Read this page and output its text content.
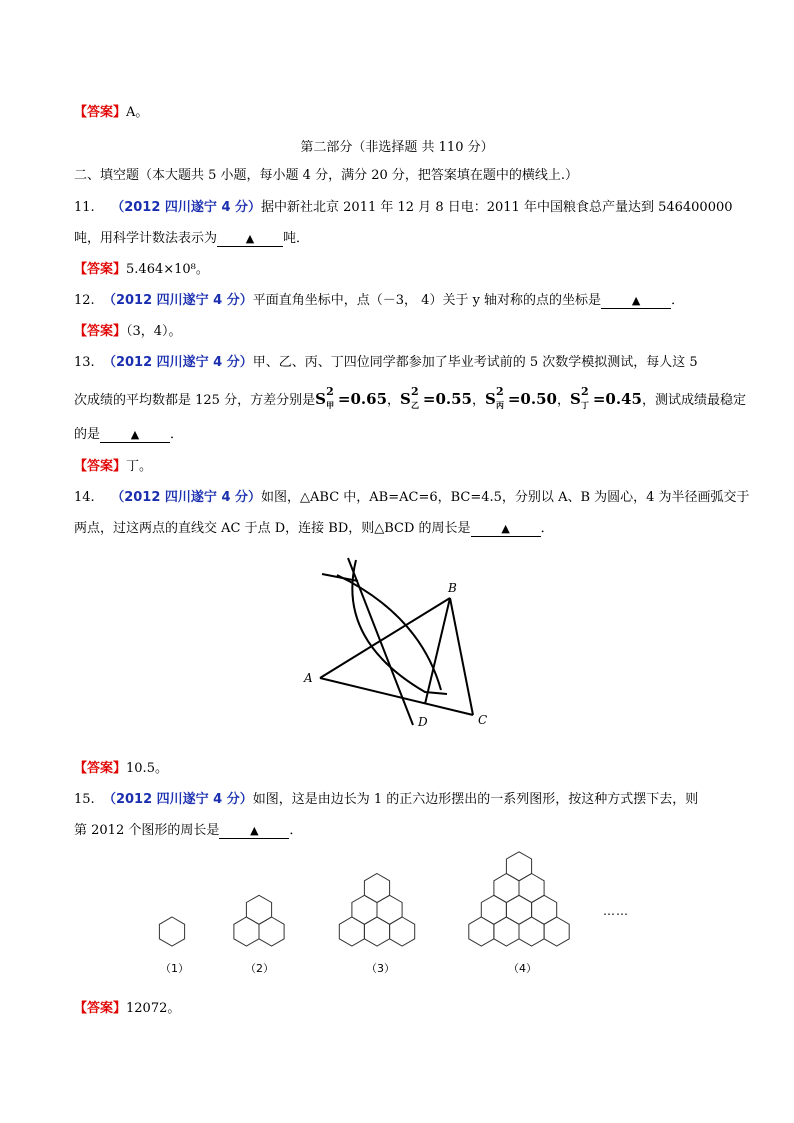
【答案】A。
第二部分（非选择题 共 110 分）
二、填空题（本大题共 5 小题，每小题 4 分，满分 20 分，把答案填在题中的横线上.）
11. （2012 四川遂宁 4 分）据中新社北京 2011 年 12 月 8 日电：2011 年中国粮食总产量达到 546400000
吨，用科学计数法表示为	▲ 吨．
【答案】5.464×10⁸。
12. （2012 四川遂宁 4 分）平面直角坐标中，点（－3， 4）关于 y 轴对称的点的坐标是	▲ ．
【答案】（3，4）。
13. （2012 四川遂宁 4 分）甲、乙、丙、丁四位同学都参加了毕业考试前的 5 次数学模拟测试，每人这 5
次成绩的平均数都是 125 分，方差分别是S 2
甲 =0.65，S 2
乙 =0.55，S 2
丙 =0.50，S 2
丁 =0.45，测试成绩最稳定
的是	▲ ．
【答案】丁。
14. （2012 四川遂宁 4 分）如图，△ABC 中，AB=AC=6，BC=4.5，分别以 A、B 为圆心，4 为半径画弧交于
两点，过这两点的直线交 AC 于点 D，连接 BD，则△BCD 的周长是	▲ ．
B
A
C
D
【答案】10.5。
15. （2012 四川遂宁 4 分）如图，这是由边长为 1 的正六边形摆出的一系列图形，按这种方式摆下去，则
第 2012 个图形的周长是	▲ ．
（1）	（2）	（3）	（4）
……
【答案】12072。
